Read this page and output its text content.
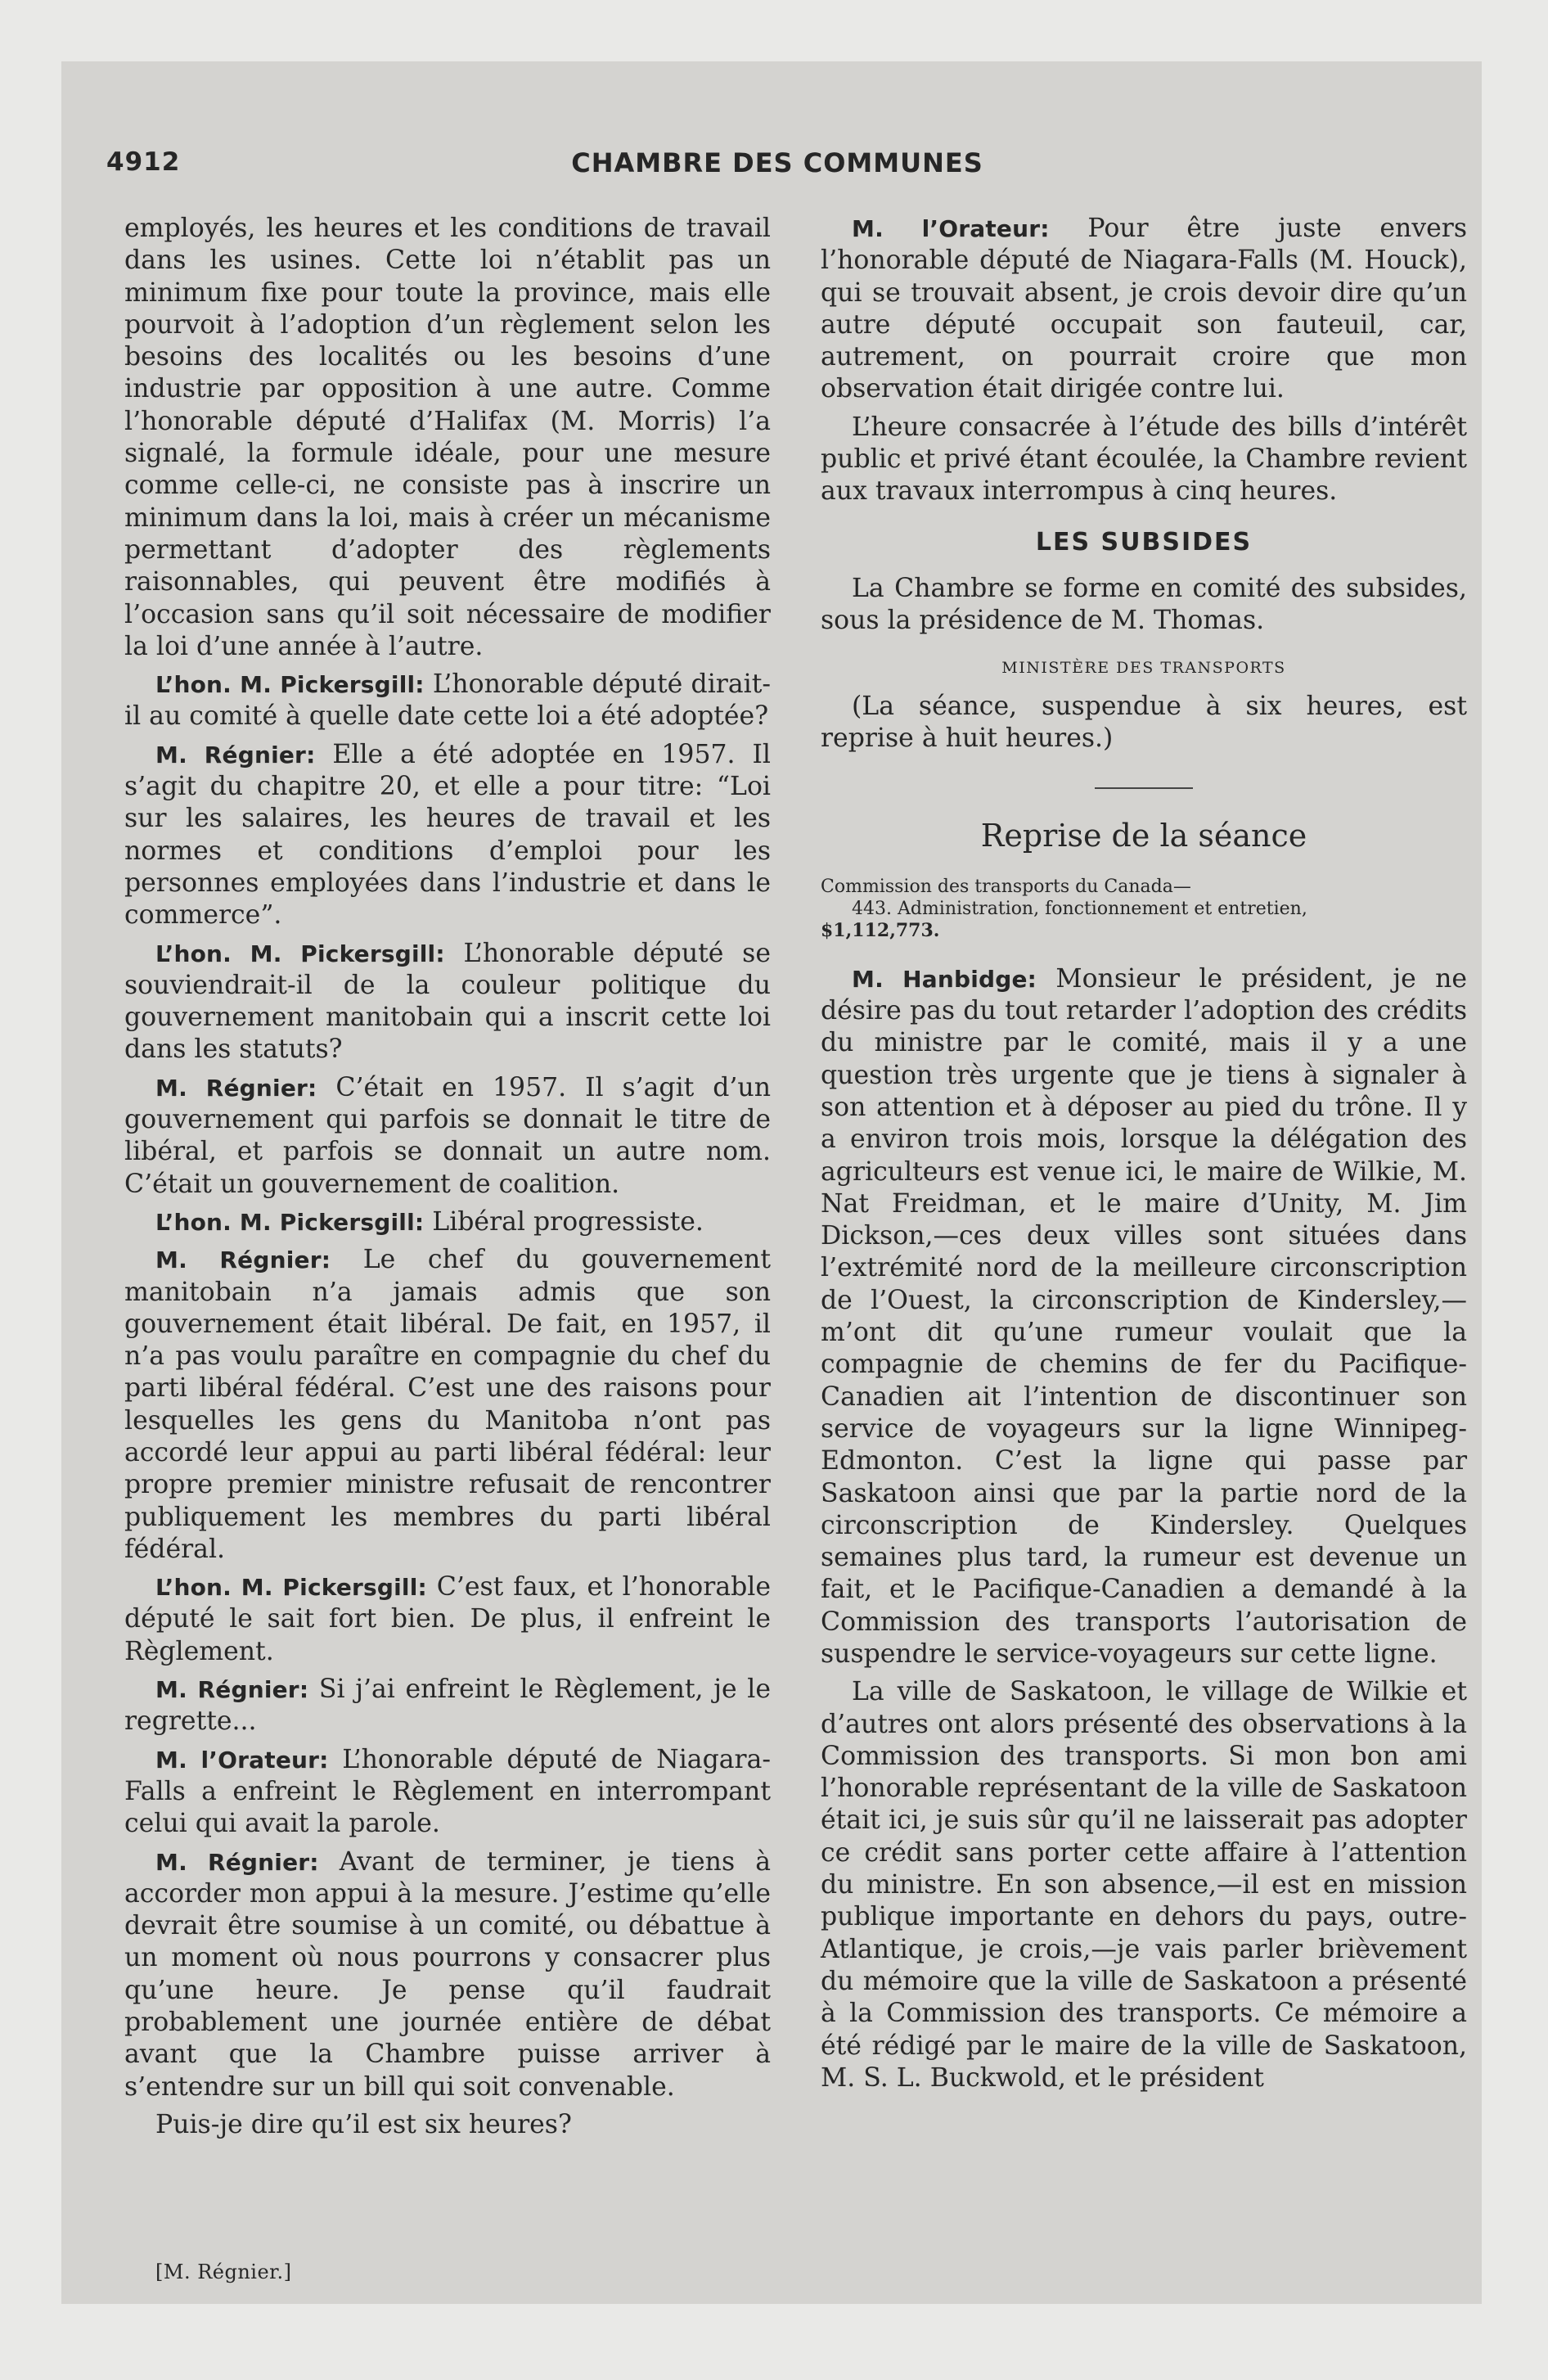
4912	CHAMBRE DES COMMUNES

employés, les heures et les conditions de travail dans les usines. Cette loi n’établit pas un minimum fixe pour toute la province, mais elle pourvoit à l’adoption d’un règlement selon les besoins des localités ou les besoins d’une industrie par opposition à une autre. Comme l’honorable député d’Halifax (M. Morris) l’a signalé, la formule idéale, pour une mesure comme celle-ci, ne consiste pas à inscrire un minimum dans la loi, mais à créer un mécanisme permettant d’adopter des règlements raisonnables, qui peuvent être modifiés à l’occasion sans qu’il soit nécessaire de modifier la loi d’une année à l’autre.

L’hon. M. Pickersgill: L’honorable député dirait-il au comité à quelle date cette loi a été adoptée?

M. Régnier: Elle a été adoptée en 1957. Il s’agit du chapitre 20, et elle a pour titre: “Loi sur les salaires, les heures de travail et les normes et conditions d’emploi pour les personnes employées dans l’industrie et dans le commerce”.

L’hon. M. Pickersgill: L’honorable député se souviendrait-il de la couleur politique du gouvernement manitobain qui a inscrit cette loi dans les statuts?

M. Régnier: C’était en 1957. Il s’agit d’un gouvernement qui parfois se donnait le titre de libéral, et parfois se donnait un autre nom. C’était un gouvernement de coalition.

L’hon. M. Pickersgill: Libéral progressiste.

M. Régnier: Le chef du gouvernement manitobain n’a jamais admis que son gouvernement était libéral. De fait, en 1957, il n’a pas voulu paraître en compagnie du chef du parti libéral fédéral. C’est une des raisons pour lesquelles les gens du Manitoba n’ont pas accordé leur appui au parti libéral fédéral: leur propre premier ministre refusait de rencontrer publiquement les membres du parti libéral fédéral.

L’hon. M. Pickersgill: C’est faux, et l’honorable député le sait fort bien. De plus, il enfreint le Règlement.

M. Régnier: Si j’ai enfreint le Règlement, je le regrette...

M. l’Orateur: L’honorable député de Niagara-Falls a enfreint le Règlement en interrompant celui qui avait la parole.

M. Régnier: Avant de terminer, je tiens à accorder mon appui à la mesure. J’estime qu’elle devrait être soumise à un comité, ou débattue à un moment où nous pourrons y consacrer plus qu’une heure. Je pense qu’il faudrait probablement une journée entière de débat avant que la Chambre puisse arriver à s’entendre sur un bill qui soit convenable.

Puis-je dire qu’il est six heures?

[M. Régnier.]

M. l’Orateur: Pour être juste envers l’honorable député de Niagara-Falls (M. Houck), qui se trouvait absent, je crois devoir dire qu’un autre député occupait son fauteuil, car, autrement, on pourrait croire que mon observation était dirigée contre lui.

L’heure consacrée à l’étude des bills d’intérêt public et privé étant écoulée, la Chambre revient aux travaux interrompus à cinq heures.

LES SUBSIDES

La Chambre se forme en comité des subsides, sous la présidence de M. Thomas.

MINISTÈRE DES TRANSPORTS

(La séance, suspendue à six heures, est reprise à huit heures.)

Reprise de la séance
Commission des transports du Canada—
443. Administration, fonctionnement et entretien,
$1,112,773.

M. Hanbidge: Monsieur le président, je ne désire pas du tout retarder l’adoption des crédits du ministre par le comité, mais il y a une question très urgente que je tiens à signaler à son attention et à déposer au pied du trône. Il y a environ trois mois, lorsque la délégation des agriculteurs est venue ici, le maire de Wilkie, M. Nat Freidman, et le maire d’Unity, M. Jim Dickson,—ces deux villes sont situées dans l’extrémité nord de la meilleure circonscription de l’Ouest, la circonscription de Kindersley,—m’ont dit qu’une rumeur voulait que la compagnie de chemins de fer du Pacifique-Canadien ait l’intention de discontinuer son service de voyageurs sur la ligne Winnipeg-Edmonton. C’est la ligne qui passe par Saskatoon ainsi que par la partie nord de la circonscription de Kindersley. Quelques semaines plus tard, la rumeur est devenue un fait, et le Pacifique-Canadien a demandé à la Commission des transports l’autorisation de suspendre le service-voyageurs sur cette ligne.

La ville de Saskatoon, le village de Wilkie et d’autres ont alors présenté des observations à la Commission des transports. Si mon bon ami l’honorable représentant de la ville de Saskatoon était ici, je suis sûr qu’il ne laisserait pas adopter ce crédit sans porter cette affaire à l’attention du ministre. En son absence,—il est en mission publique importante en dehors du pays, outre-Atlantique, je crois,—je vais parler brièvement du mémoire que la ville de Saskatoon a présenté à la Commission des transports. Ce mémoire a été rédigé par le maire de la ville de Saskatoon, M. S. L. Buckwold, et le président
